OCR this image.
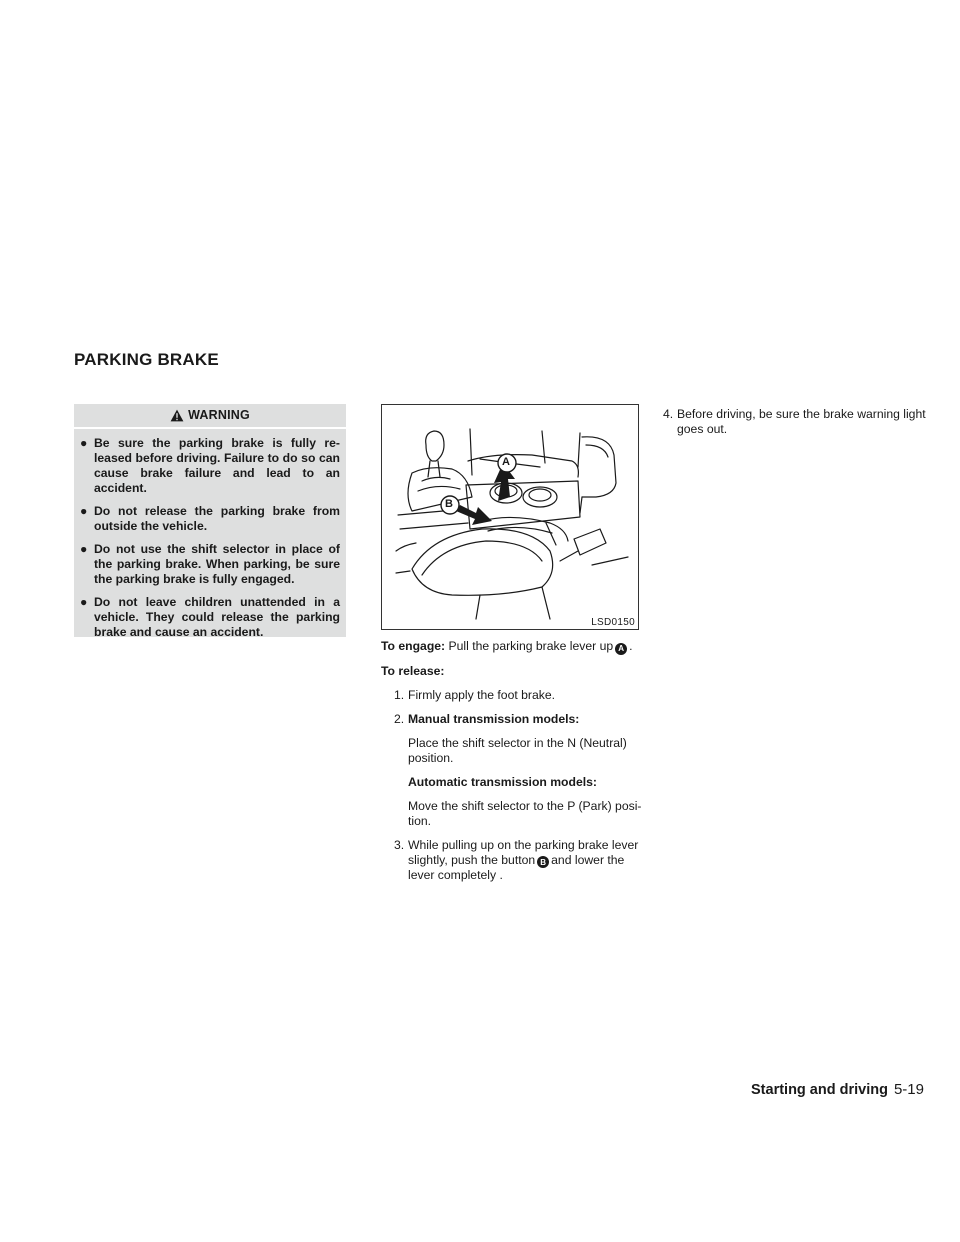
PARKING BRAKE
WARNING
● Be sure the parking brake is fully re-leased before driving. Failure to do so can cause brake failure and lead to an accident.
● Do not release the parking brake from outside the vehicle.
● Do not use the shift selector in place of the parking brake. When parking, be sure the parking brake is fully engaged.
● Do not leave children unattended in a vehicle. They could release the parking brake and cause an accident.
A
B
LSD0150

To engage: Pull the parking brake lever up A .

To release:

1. Firmly apply the foot brake.
2. Manual transmission models:
Place the shift selector in the N (Neutral) position.
Automatic transmission models:
Move the shift selector to the P (Park) posi-tion.
3. While pulling up on the parking brake lever slightly, push the button B and lower the lever completely .
4. Before driving, be sure the brake warning light goes out.
Starting and driving 5-19
